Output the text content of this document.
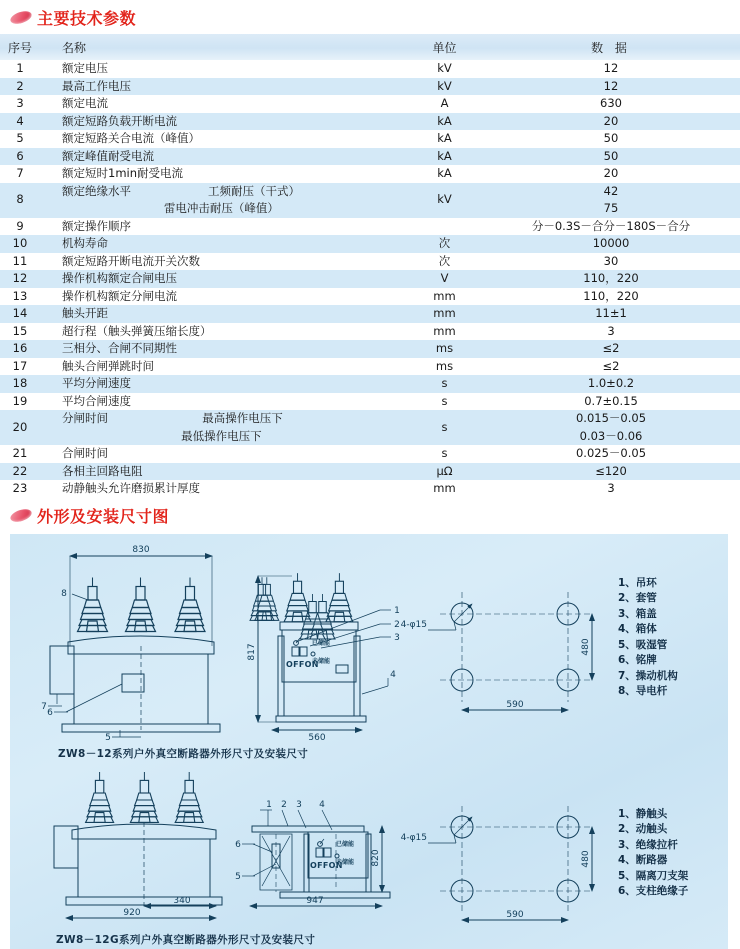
主要技术参数
序号	名称	单位	数 据
1	额定电压	kV	12
2	最高工作电压	kV	12
3	额定电流	A	630
4	额定短路负载开断电流	kA	20
5	额定短路关合电流（峰值）	kA	50
6	额定峰值耐受电流	kA	50
7	额定短时1min耐受电流	kA	20
8	额定绝缘水平 工频耐压（干式）	kV	42

	雷电冲击耐压（峰值）		75
9	额定操作顺序		分－0.3S－合分－180S－合分
10	机构寿命	次	10000
11	额定短路开断电流开关次数	次	30
12	操作机构额定合闸电压	V	110，220
13	操作机构额定分闸电流	mm	110，220
14	触头开距	mm	11±1
15	超行程（触头弹簧压缩长度）	mm	3
16	三相分、合闸不同期性	ms	≤2
17	触头合闸弹跳时间	ms	≤2
18	平均分闸速度	s	1.0±0.2
19	平均合闸速度	s	0.7±0.15
20	分闸时间 最高操作电压下	s	0.015－0.05

	最低操作电压下		0.03－0.06
21	合闸时间	s	0.025－0.05
22	各相主回路电阻	μΩ	≤120
23	动静触头允许磨损累计厚度	mm	3
外形及安装尺寸图
830
8
7
6
5
817
560
1
2
3
4
4-φ15
590
480
920
340
820
947
1 2 3 4
6
5
4-φ15
590
480
已储能
未储能
OFFON
已储能
未储能
OFFON
ZW8－12系列户外真空断路器外形尺寸及安装尺寸
ZW8－12G系列户外真空断路器外形尺寸及安装尺寸
1、吊环
2、套管
3、箱盖
4、箱体
5、吸湿管
6、铭牌
7、操动机构
8、导电杆
1、静触头
2、动触头
3、绝缘拉杆
4、断路器
5、隔离刀支架
6、支柱绝缘子
